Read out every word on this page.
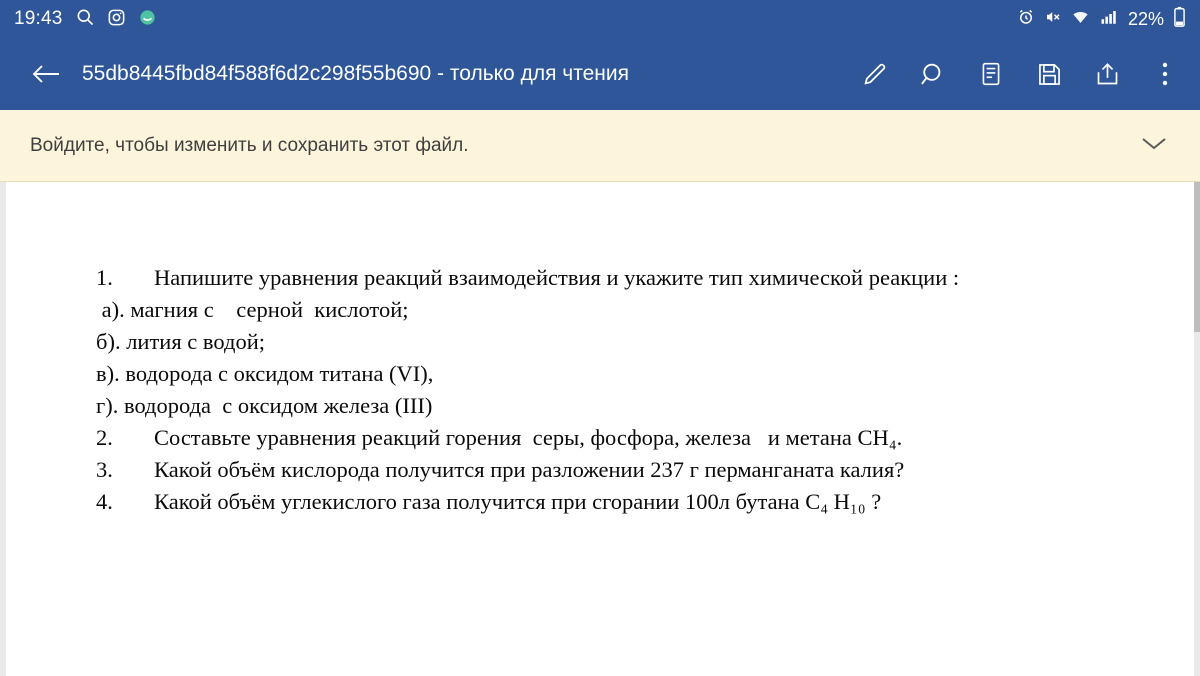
19:43	22%
55db8445fbd84f588f6d2c298f55b690 - только для чтения
Войдите, чтобы изменить и сохранить этот файл.
1. Напишите уравнения реакций взаимодействия и укажите тип химической реакции :
а). магния с    серной  кислотой;
б). лития с водой;
в). водорода с оксидом титана (VI),
г). водорода  с оксидом железа (III)
2. Составьте уравнения реакций горения  серы, фосфора, железа   и метана CH₄.
3. Какой объём кислорода получится при разложении 237 г перманганата калия?
4. Какой объём углекислого газа получится при сгорании 100л бутана C₄ H₁₀ ?
